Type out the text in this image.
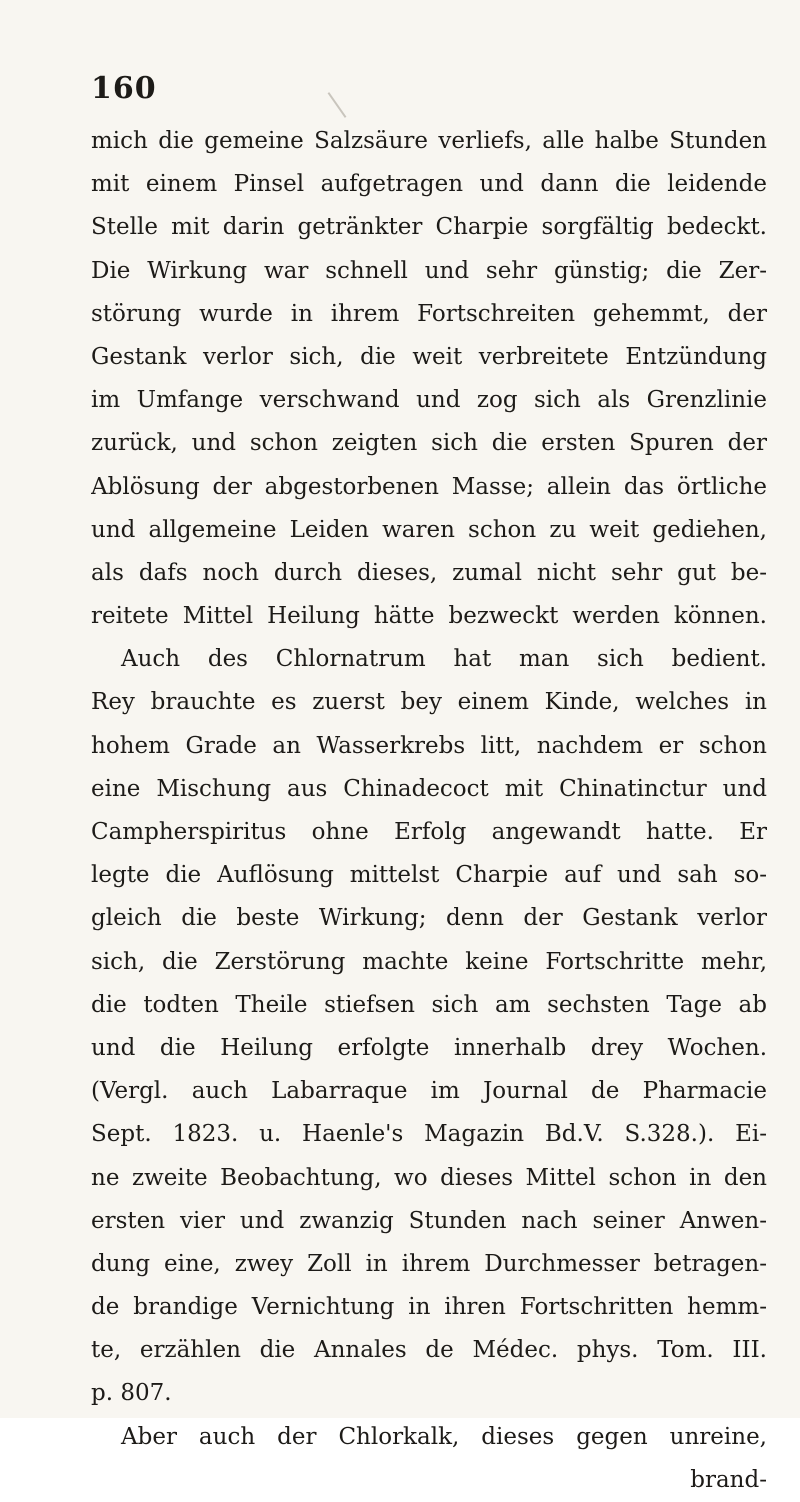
160
mich die gemeine Salzsäure verliefs, alle halbe Stunden
mit einem Pinsel aufgetragen und dann die leidende
Stelle mit darin getränkter Charpie sorgfältig bedeckt.
Die Wirkung war schnell und sehr günstig; die Zer-
störung wurde in ihrem Fortschreiten gehemmt, der
Gestank verlor sich, die weit verbreitete Entzündung
im Umfange verschwand und zog sich als Grenzlinie
zurück, und schon zeigten sich die ersten Spuren der
Ablösung der abgestorbenen Masse; allein das örtliche
und allgemeine Leiden waren schon zu weit gediehen,
als dafs noch durch dieses, zumal nicht sehr gut be-
reitete Mittel Heilung hätte bezweckt werden können.
Auch des Chlornatrum hat man sich bedient.
Rey brauchte es zuerst bey einem Kinde, welches in
hohem Grade an Wasserkrebs litt, nachdem er schon
eine Mischung aus Chinadecoct mit Chinatinctur und
Campherspiritus ohne Erfolg angewandt hatte. Er
legte die Auflösung mittelst Charpie auf und sah so-
gleich die beste Wirkung; denn der Gestank verlor
sich, die Zerstörung machte keine Fortschritte mehr,
die todten Theile stiefsen sich am sechsten Tage ab
und die Heilung erfolgte innerhalb drey Wochen.
(Vergl. auch Labarraque im Journal de Pharmacie
Sept. 1823. u. Haenle's Magazin Bd.V. S.328.). Ei-
ne zweite Beobachtung, wo dieses Mittel schon in den
ersten vier und zwanzig Stunden nach seiner Anwen-
dung eine, zwey Zoll in ihrem Durchmesser betragen-
de brandige Vernichtung in ihren Fortschritten hemm-
te, erzählen die Annales de Médec. phys. Tom. III.
p. 807.
Aber auch der Chlorkalk, dieses gegen unreine,
brand-
